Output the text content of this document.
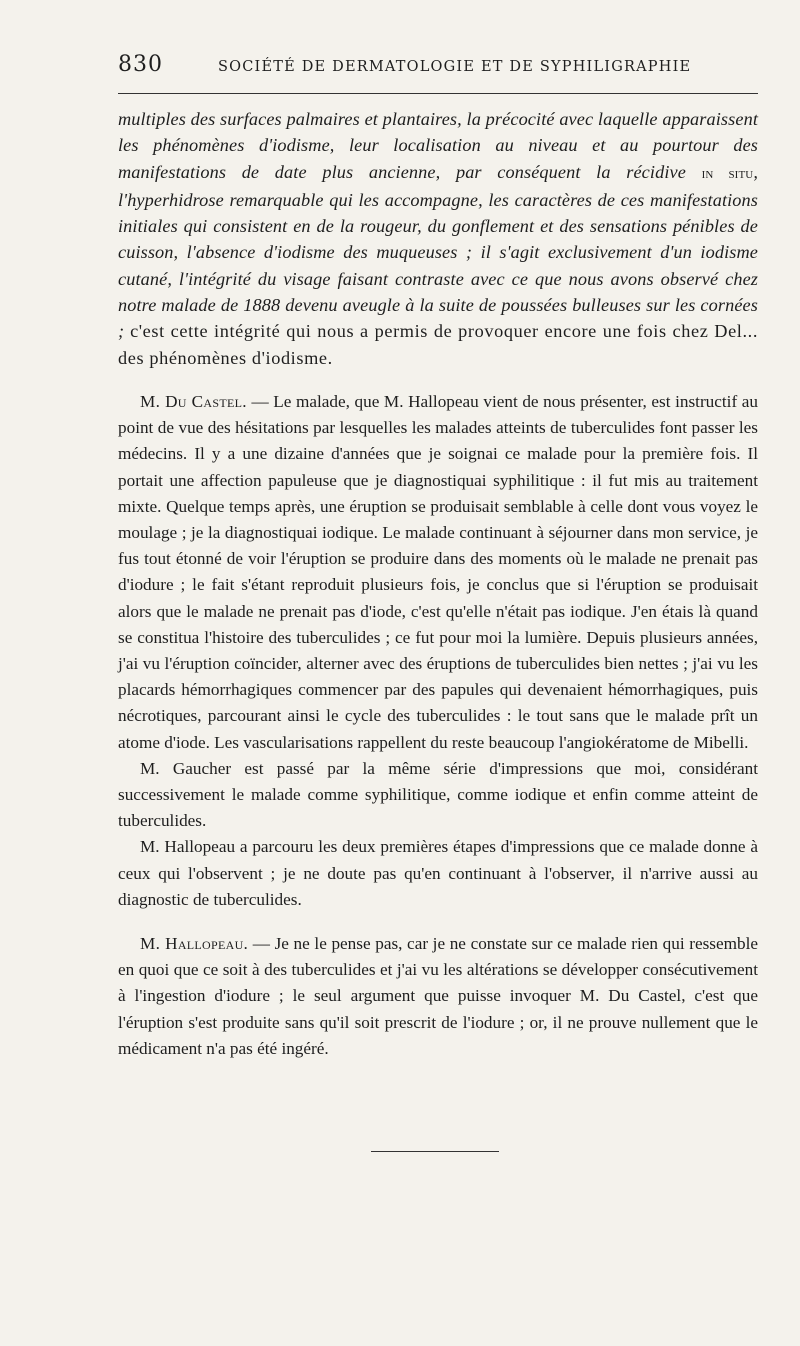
830	SOCIÉTÉ DE DERMATOLOGIE ET DE SYPHILIGRAPHIE

multiples des surfaces palmaires et plantaires, la précocité avec laquelle apparaissent les phénomènes d'iodisme, leur localisation au niveau et au pourtour des manifestations de date plus ancienne, par conséquent la récidive in situ, l'hyperhidrose remarquable qui les accompagne, les caractères de ces manifestations initiales qui consistent en de la rougeur, du gonflement et des sensations pénibles de cuisson, l'absence d'iodisme des muqueuses ; il s'agit exclusivement d'un iodisme cutané, l'intégrité du visage faisant contraste avec ce que nous avons observé chez notre malade de 1888 devenu aveugle à la suite de poussées bulleuses sur les cornées ; c'est cette intégrité qui nous a permis de provoquer encore une fois chez Del... des phénomènes d'iodisme.

M. Du Castel. — Le malade, que M. Hallopeau vient de nous présenter, est instructif au point de vue des hésitations par lesquelles les malades atteints de tuberculides font passer les médecins. Il y a une dizaine d'années que je soignai ce malade pour la première fois. Il portait une affection papuleuse que je diagnostiquai syphilitique : il fut mis au traitement mixte. Quelque temps après, une éruption se produisait semblable à celle dont vous voyez le moulage ; je la diagnostiquai iodique. Le malade continuant à séjourner dans mon service, je fus tout étonné de voir l'éruption se produire dans des moments où le malade ne prenait pas d'iodure ; le fait s'étant reproduit plusieurs fois, je conclus que si l'éruption se produisait alors que le malade ne prenait pas d'iode, c'est qu'elle n'était pas iodique. J'en étais là quand se constitua l'histoire des tuberculides ; ce fut pour moi la lumière. Depuis plusieurs années, j'ai vu l'éruption coïncider, alterner avec des éruptions de tuberculides bien nettes ; j'ai vu les placards hémorrhagiques commencer par des papules qui devenaient hémorrhagiques, puis nécrotiques, parcourant ainsi le cycle des tuberculides : le tout sans que le malade prît un atome d'iode. Les vascularisations rappellent du reste beaucoup l'angiokératome de Mibelli.

M. Gaucher est passé par la même série d'impressions que moi, considérant successivement le malade comme syphilitique, comme iodique et enfin comme atteint de tuberculides.

M. Hallopeau a parcouru les deux premières étapes d'impressions que ce malade donne à ceux qui l'observent ; je ne doute pas qu'en continuant à l'observer, il n'arrive aussi au diagnostic de tuberculides.

M. Hallopeau. — Je ne le pense pas, car je ne constate sur ce malade rien qui ressemble en quoi que ce soit à des tuberculides et j'ai vu les altérations se développer consécutivement à l'ingestion d'iodure ; le seul argument que puisse invoquer M. Du Castel, c'est que l'éruption s'est produite sans qu'il soit prescrit de l'iodure ; or, il ne prouve nullement que le médicament n'a pas été ingéré.
